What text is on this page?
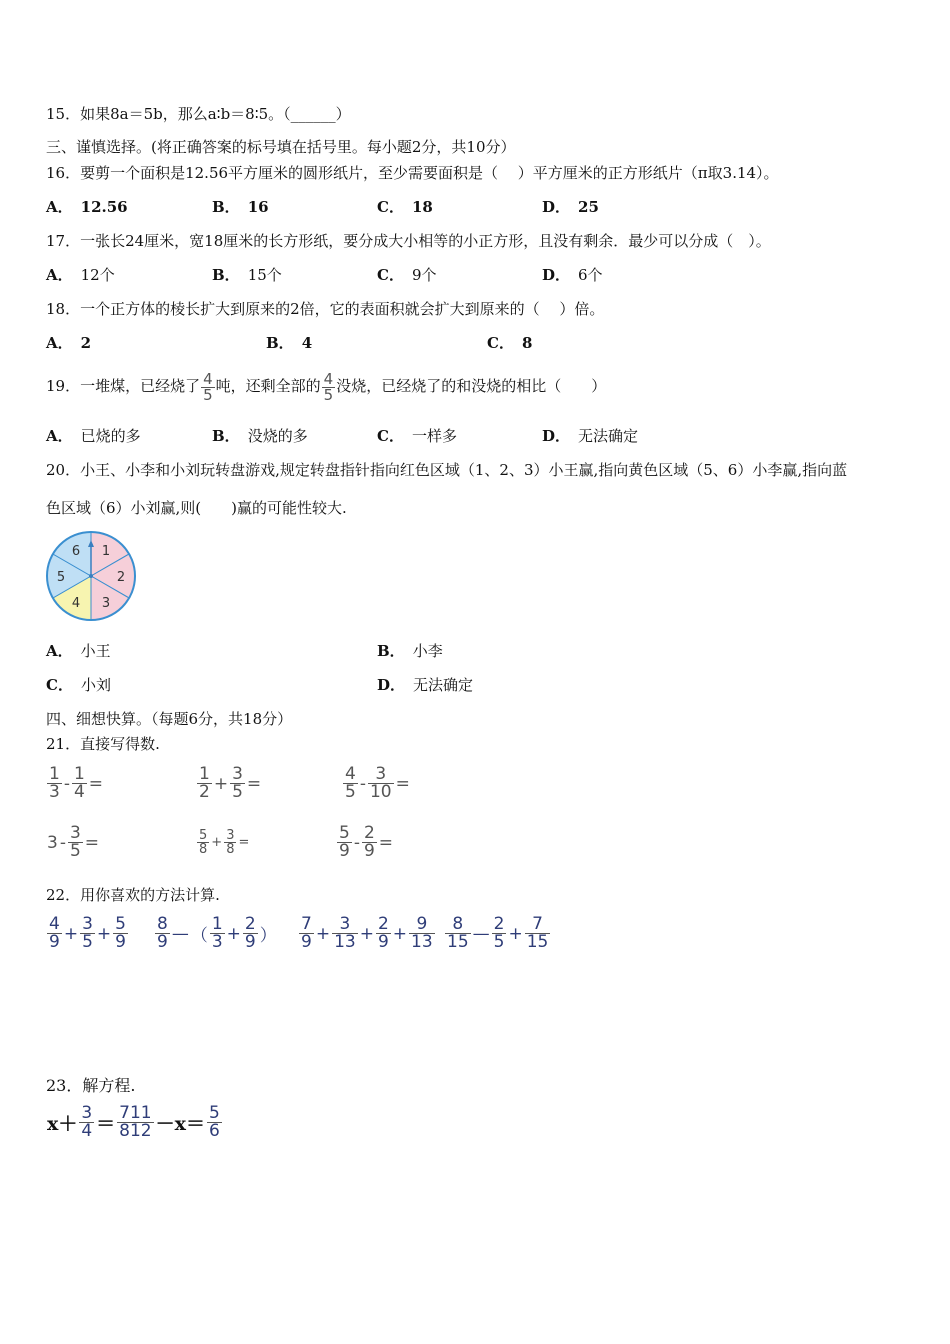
15．如果8a＝5b，那么a∶b＝8∶5。（______）
三、谨慎选择。(将正确答案的标号填在括号里。每小题2分，共10分）
16．要剪一个面积是12.56平方厘米的圆形纸片，至少需要面积是（　 ）平方厘米的正方形纸片（π取3.14）。
A． 12.56	B． 16	C． 18	D． 25
17．一张长24厘米，宽18厘米的长方形纸，要分成大小相等的小正方形，且没有剩余．最少可以分成（　）。
A． 12个	B． 15个	C． 9个	D． 6个
18．一个正方体的棱长扩大到原来的2倍，它的表面积就会扩大到原来的（　 ）倍。
A． 2	B． 4	C． 8
19．一堆煤，已经烧了 $\frac{4}{5}$ 吨，还剩全部的 $\frac{4}{5}$ 没烧，已经烧了的和没烧的相比（　　）
A． 已烧的多	B． 没烧的多	C． 一样多	D． 无法确定
20．小王、小李和小刘玩转盘游戏,规定转盘指针指向红色区域（1、2、3）小王赢,指向黄色区域（5、6）小李赢,指向蓝
色区域（6）小刘赢,则(　　)赢的可能性较大.
1
2
3
4
5
6
A． 小王	B． 小李
C． 小刘	D． 无法确定
四、细想快算。（每题6分，共18分）
21．直接写得数.
$\frac{1}{3} - \frac{1}{4}$ =	$\frac{1}{2} + \frac{3}{5}$ =	$\frac{4}{5} - \frac{3}{10}$ =
$3 - \frac{3}{5}$ =	$\frac{5}{8} + \frac{3}{8}$ =	$\frac{5}{9} - \frac{2}{9}$ =
22．用你喜欢的方法计算.
$\frac{4}{9} + \frac{3}{5} + \frac{5}{9} \frac{8}{9}$ — （ $\frac{1}{3} + \frac{2}{9}$ ） $\frac{7}{9} + \frac{3}{13} + \frac{2}{9} + \frac{9}{13} \frac{8}{15}$ — $\frac{2}{5} + \frac{7}{15}$
23．解方程.
$x+ \frac{3}{4} = \frac{711}{812} -x= \frac{5}{6}$
